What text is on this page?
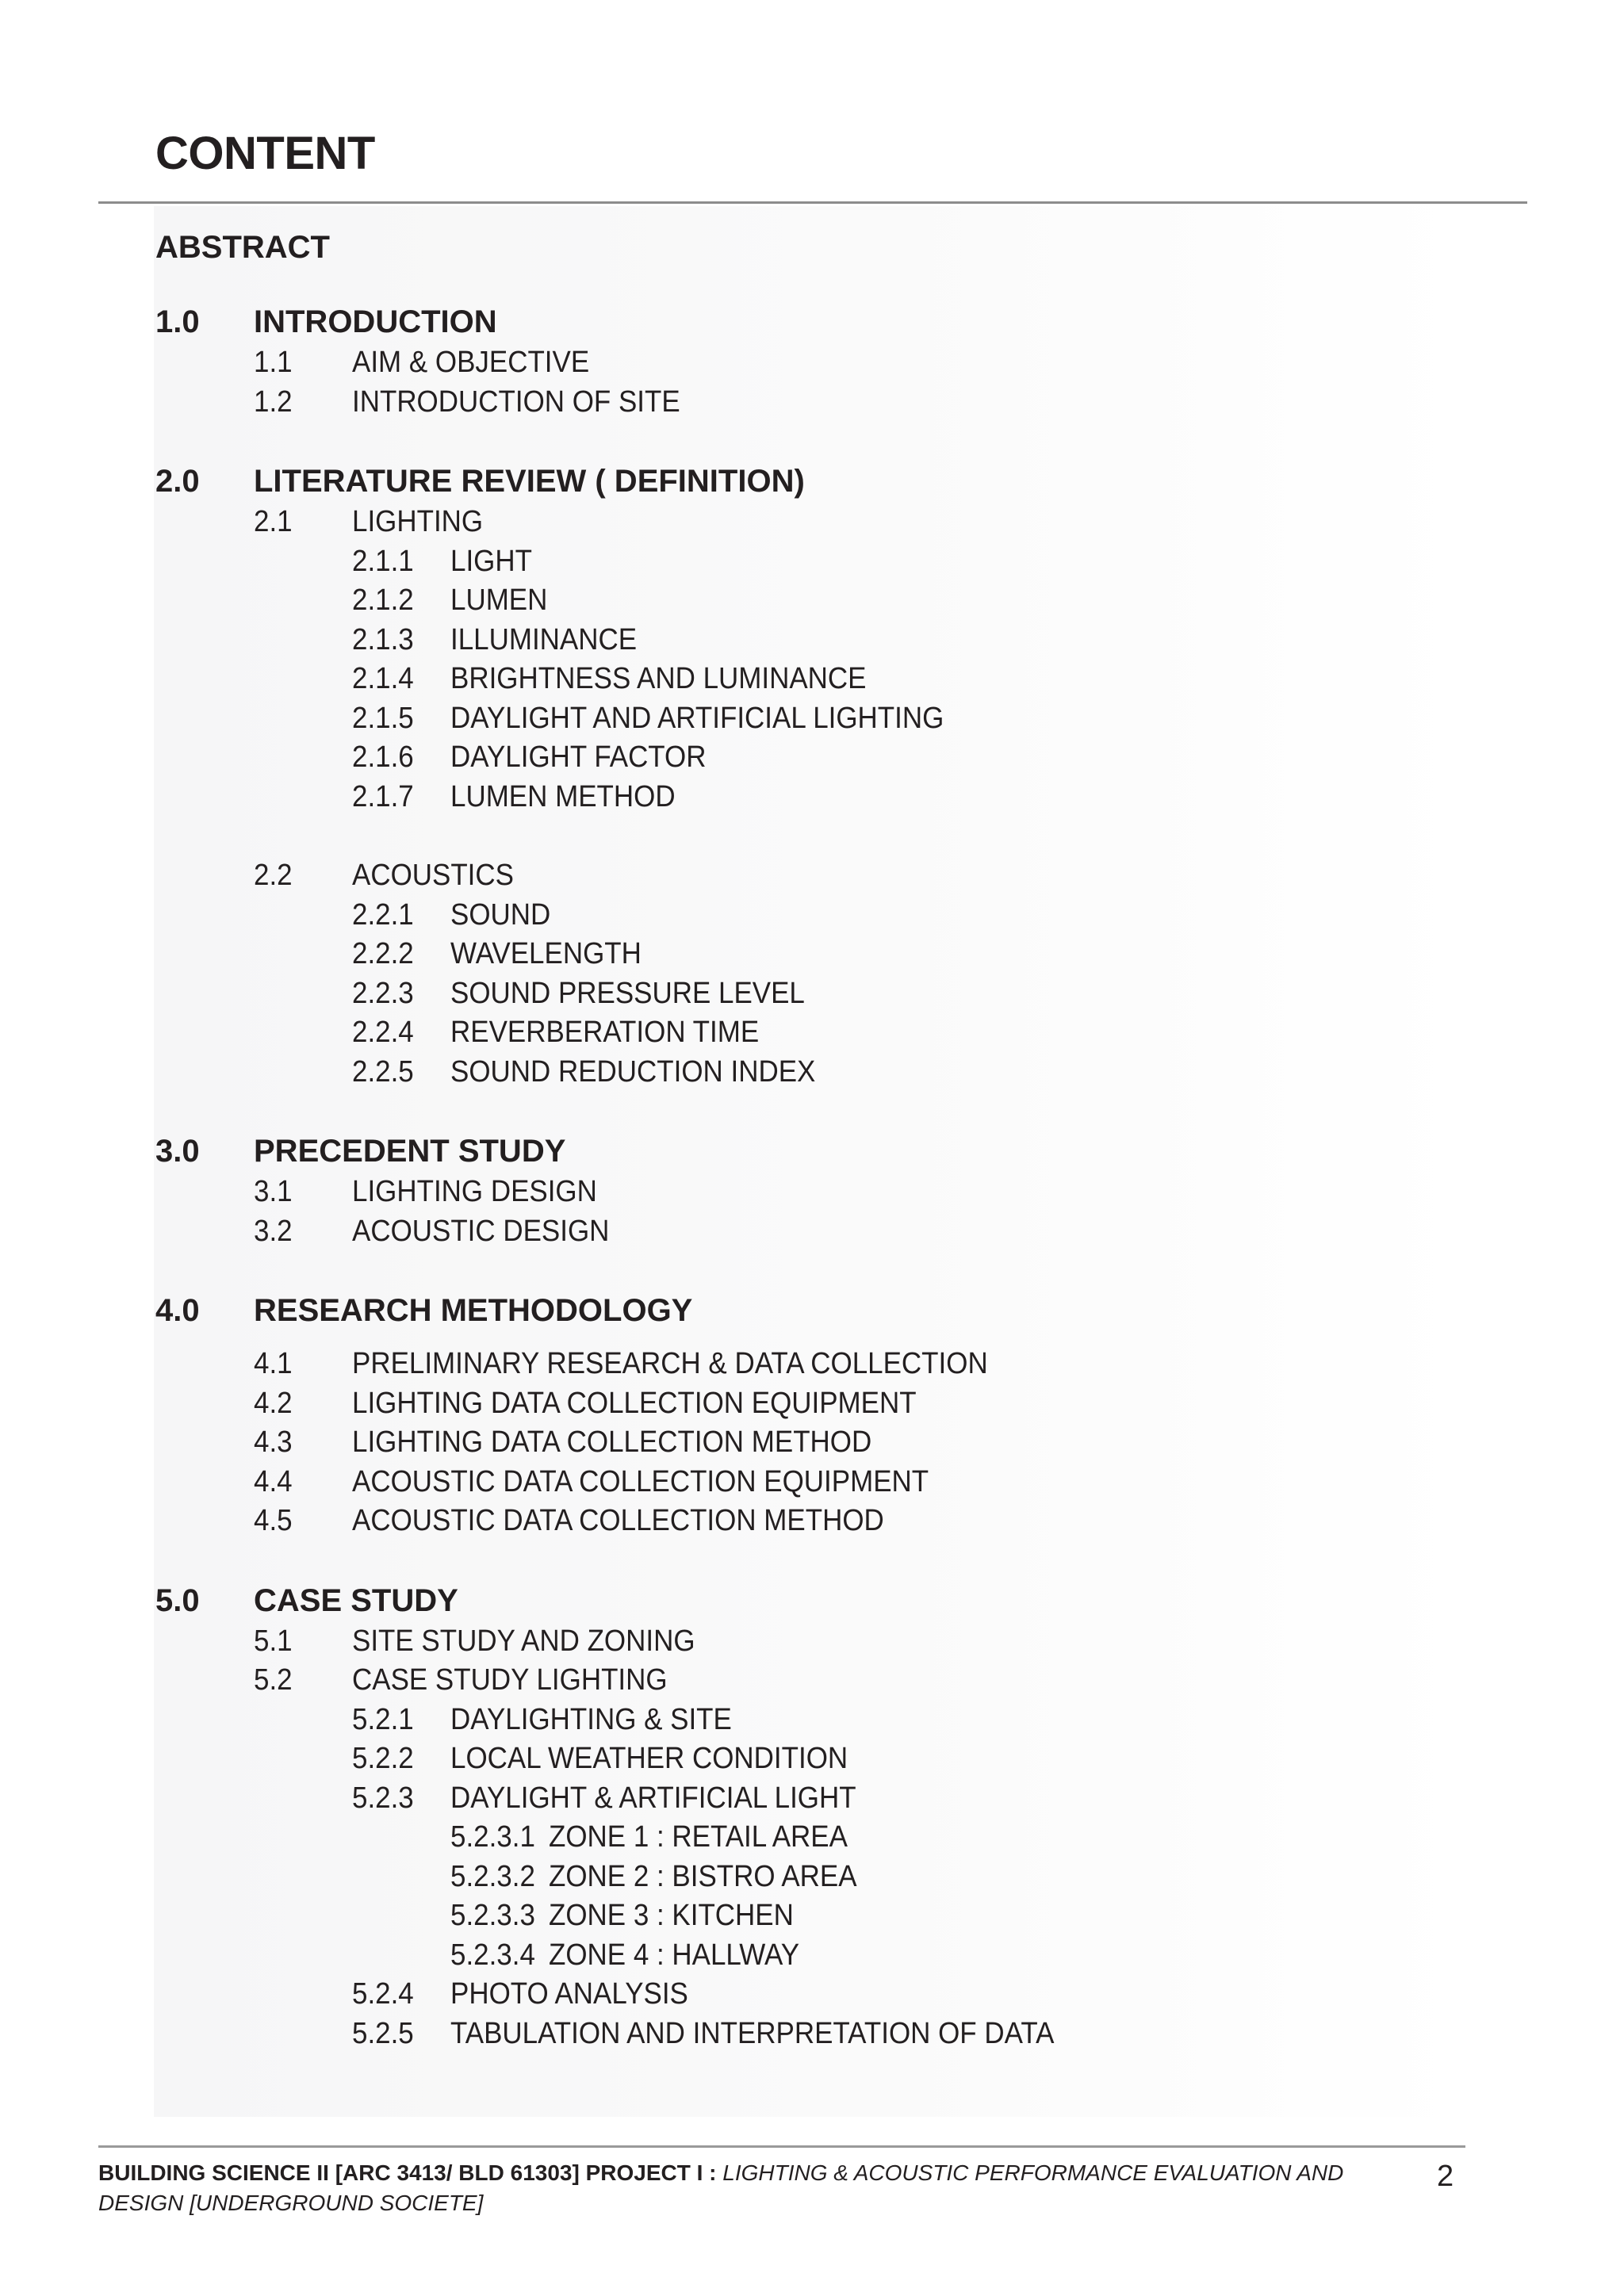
CONTENT
ABSTRACT
1.0	INTRODUCTION
1.1	AIM & OBJECTIVE
1.2	INTRODUCTION OF SITE
2.0	LITERATURE REVIEW ( DEFINITION)
2.1	LIGHTING
2.1.1	LIGHT
2.1.2	LUMEN
2.1.3	ILLUMINANCE
2.1.4	BRIGHTNESS AND LUMINANCE
2.1.5	DAYLIGHT AND ARTIFICIAL LIGHTING
2.1.6	DAYLIGHT FACTOR
2.1.7	LUMEN METHOD
2.2	ACOUSTICS
2.2.1	SOUND
2.2.2	WAVELENGTH
2.2.3	SOUND PRESSURE LEVEL
2.2.4	REVERBERATION TIME
2.2.5	SOUND REDUCTION INDEX
3.0	PRECEDENT STUDY
3.1	LIGHTING DESIGN
3.2	ACOUSTIC DESIGN
4.0	RESEARCH METHODOLOGY
4.1	PRELIMINARY RESEARCH & DATA COLLECTION
4.2	LIGHTING DATA COLLECTION EQUIPMENT
4.3	LIGHTING DATA COLLECTION METHOD
4.4	ACOUSTIC DATA COLLECTION EQUIPMENT
4.5	ACOUSTIC DATA COLLECTION METHOD
5.0	CASE STUDY
5.1	SITE STUDY AND ZONING
5.2	CASE STUDY LIGHTING
5.2.1	DAYLIGHTING & SITE
5.2.2	LOCAL WEATHER CONDITION
5.2.3	DAYLIGHT & ARTIFICIAL LIGHT
5.2.3.1 ZONE 1 : RETAIL AREA
5.2.3.2 ZONE 2 : BISTRO AREA
5.2.3.3 ZONE 3 : KITCHEN
5.2.3.4 ZONE 4 : HALLWAY
5.2.4	PHOTO ANALYSIS
5.2.5	TABULATION AND INTERPRETATION OF DATA
BUILDING SCIENCE II [ARC 3413/ BLD 61303] PROJECT I : LIGHTING & ACOUSTIC PERFORMANCE EVALUATION AND DESIGN [UNDERGROUND SOCIETE]
2
